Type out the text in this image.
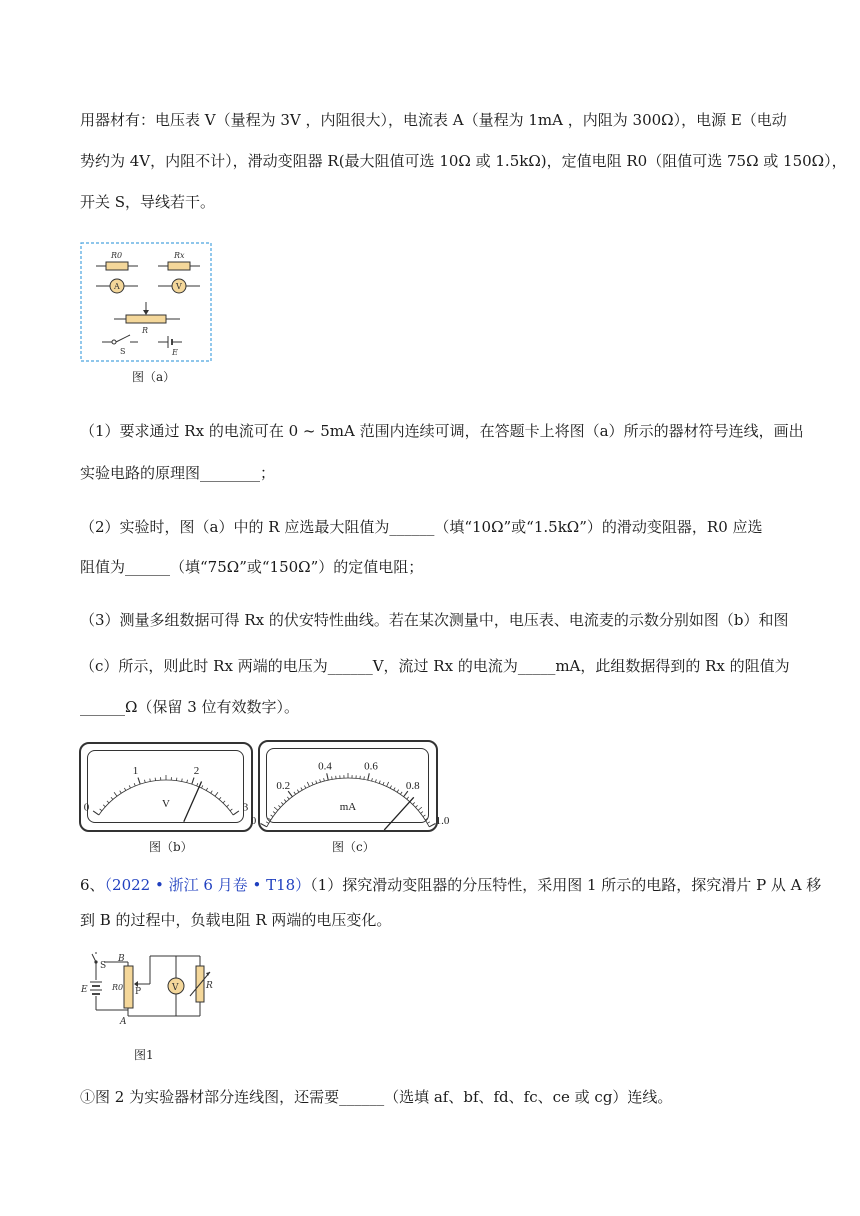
用器材有：电压表 V（量程为 3V ，内阻很大），电流表 A（量程为 1mA ，内阻为 300Ω），电源 E（电动
势约为 4V，内阻不计），滑动变阻器 R(最大阻值可选 10Ω 或 1.5kΩ)，定值电阻 R0（阻值可选 75Ω 或 150Ω），
开关 S，导线若干。
R0	Rx
A	V
R
S	E
图（a）
（1）要求通过 Rx 的电流可在 0 ~ 5mA 范围内连续可调，在答题卡上将图（a）所示的器材符号连线，画出
实验电路的原理图________；
（2）实验时，图（a）中的 R 应选最大阻值为______（填“10Ω”或“1.5kΩ”）的滑动变阻器，R0 应选
阻值为______（填“75Ω”或“150Ω”）的定值电阻；
（3）测量多组数据可得 Rx 的伏安特性曲线。若在某次测量中，电压表、电流麦的示数分别如图（b）和图
（c）所示，则此时 Rx 两端的电压为______V，流过 Rx 的电流为_____mA，此组数据得到的 Rx 的阻值为
______Ω（保留 3 位有效数字）。
0
1	2
3
V
图（b）
0
0.2
0.4	0.6
0.8
1.0
mA
图（c）
6、（2022 • 浙江 6 月卷 • T18）（1）探究滑动变阻器的分压特性，采用图 1 所示的电路，探究滑片 P 从 A 移
到 B 的过程中，负载电阻 R 两端的电压变化。
S
E
B
A
R0 P	V	R
图1
①图 2 为实验器材部分连线图，还需要______（选填 af、bf、fd、fc、ce 或 cg）连线。
